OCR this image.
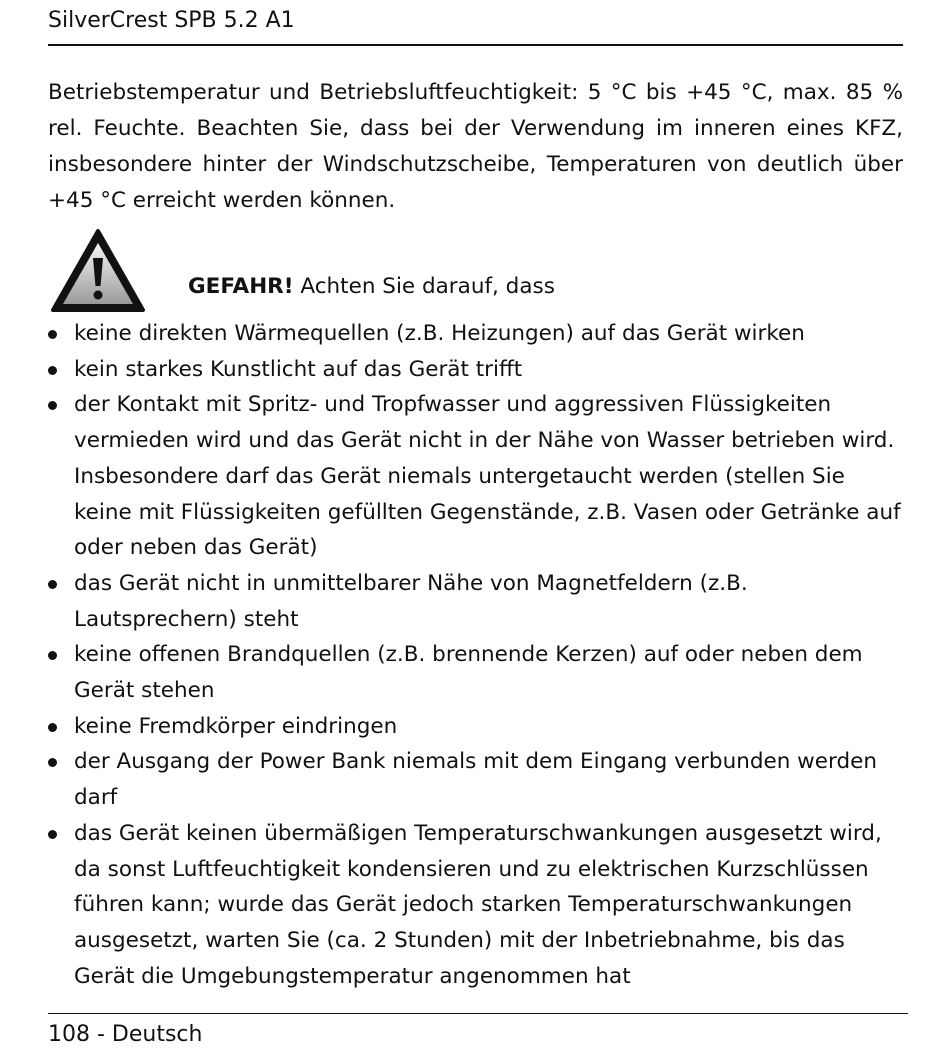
SilverCrest SPB 5.2 A1

Betriebstemperatur und Betriebsluftfeuchtigkeit: 5 °C bis +45 °C, max. 85 % rel. Feuchte. Beachten Sie, dass bei der Verwendung im inneren eines KFZ, insbesondere hinter der Windschutzscheibe, Temperaturen von deutlich über +45 °C erreicht werden können.

GEFAHR! Achten Sie darauf, dass
keine direkten Wärmequellen (z.B. Heizungen) auf das Gerät wirken
kein starkes Kunstlicht auf das Gerät trifft
der Kontakt mit Spritz- und Tropfwasser und aggressiven Flüssigkeiten vermieden wird und das Gerät nicht in der Nähe von Wasser betrieben wird. Insbesondere darf das Gerät niemals untergetaucht werden (stellen Sie keine mit Flüssigkeiten gefüllten Gegenstände, z.B. Vasen oder Getränke auf oder neben das Gerät)
das Gerät nicht in unmittelbarer Nähe von Magnetfeldern (z.B. Lautsprechern) steht
keine offenen Brandquellen (z.B. brennende Kerzen) auf oder neben dem Gerät stehen
keine Fremdkörper eindringen
der Ausgang der Power Bank niemals mit dem Eingang verbunden werden darf
das Gerät keinen übermäßigen Temperaturschwankungen ausgesetzt wird, da sonst Luftfeuchtigkeit kondensieren und zu elektrischen Kurzschlüssen führen kann; wurde das Gerät jedoch starken Temperaturschwankungen ausgesetzt, warten Sie (ca. 2 Stunden) mit der Inbetriebnahme, bis das Gerät die Umgebungstemperatur angenommen hat
108 - Deutsch
